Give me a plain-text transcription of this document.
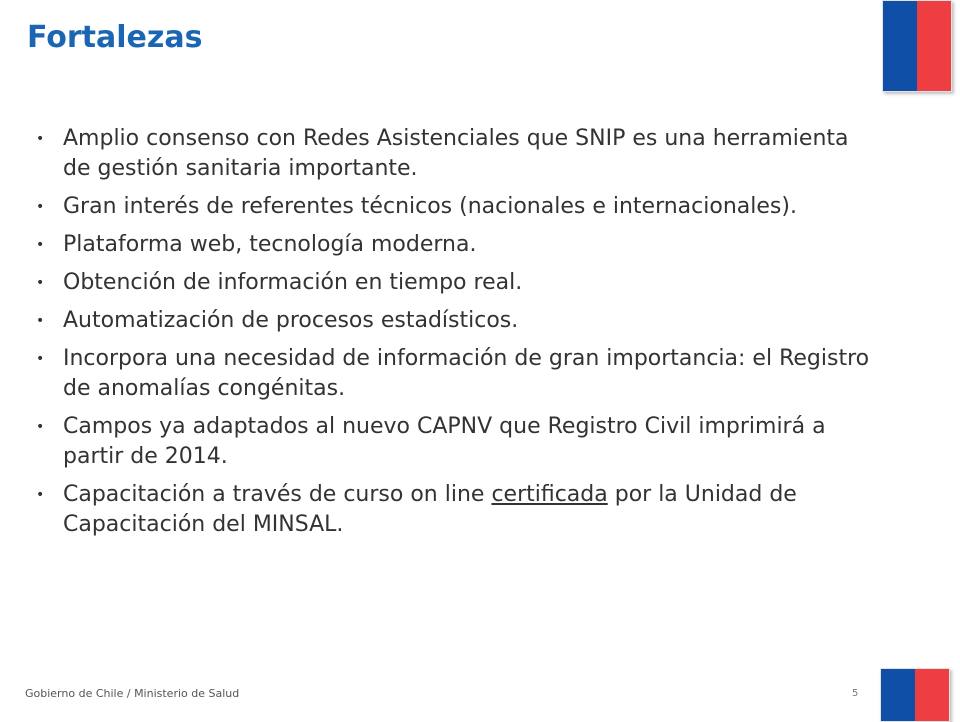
Fortalezas
• Amplio consenso con Redes Asistenciales que SNIP es una herramienta de gestión sanitaria importante.
• Gran interés de referentes técnicos (nacionales e internacionales).
• Plataforma web, tecnología moderna.
• Obtención de información en tiempo real.
• Automatización de procesos estadísticos.
• Incorpora una necesidad de información de gran importancia: el Registro de anomalías congénitas.
• Campos ya adaptados al nuevo CAPNV que Registro Civil imprimirá a partir de 2014.
• Capacitación a través de curso on line certificada por la Unidad de Capacitación del MINSAL.
Gobierno de Chile / Ministerio de Salud	5
